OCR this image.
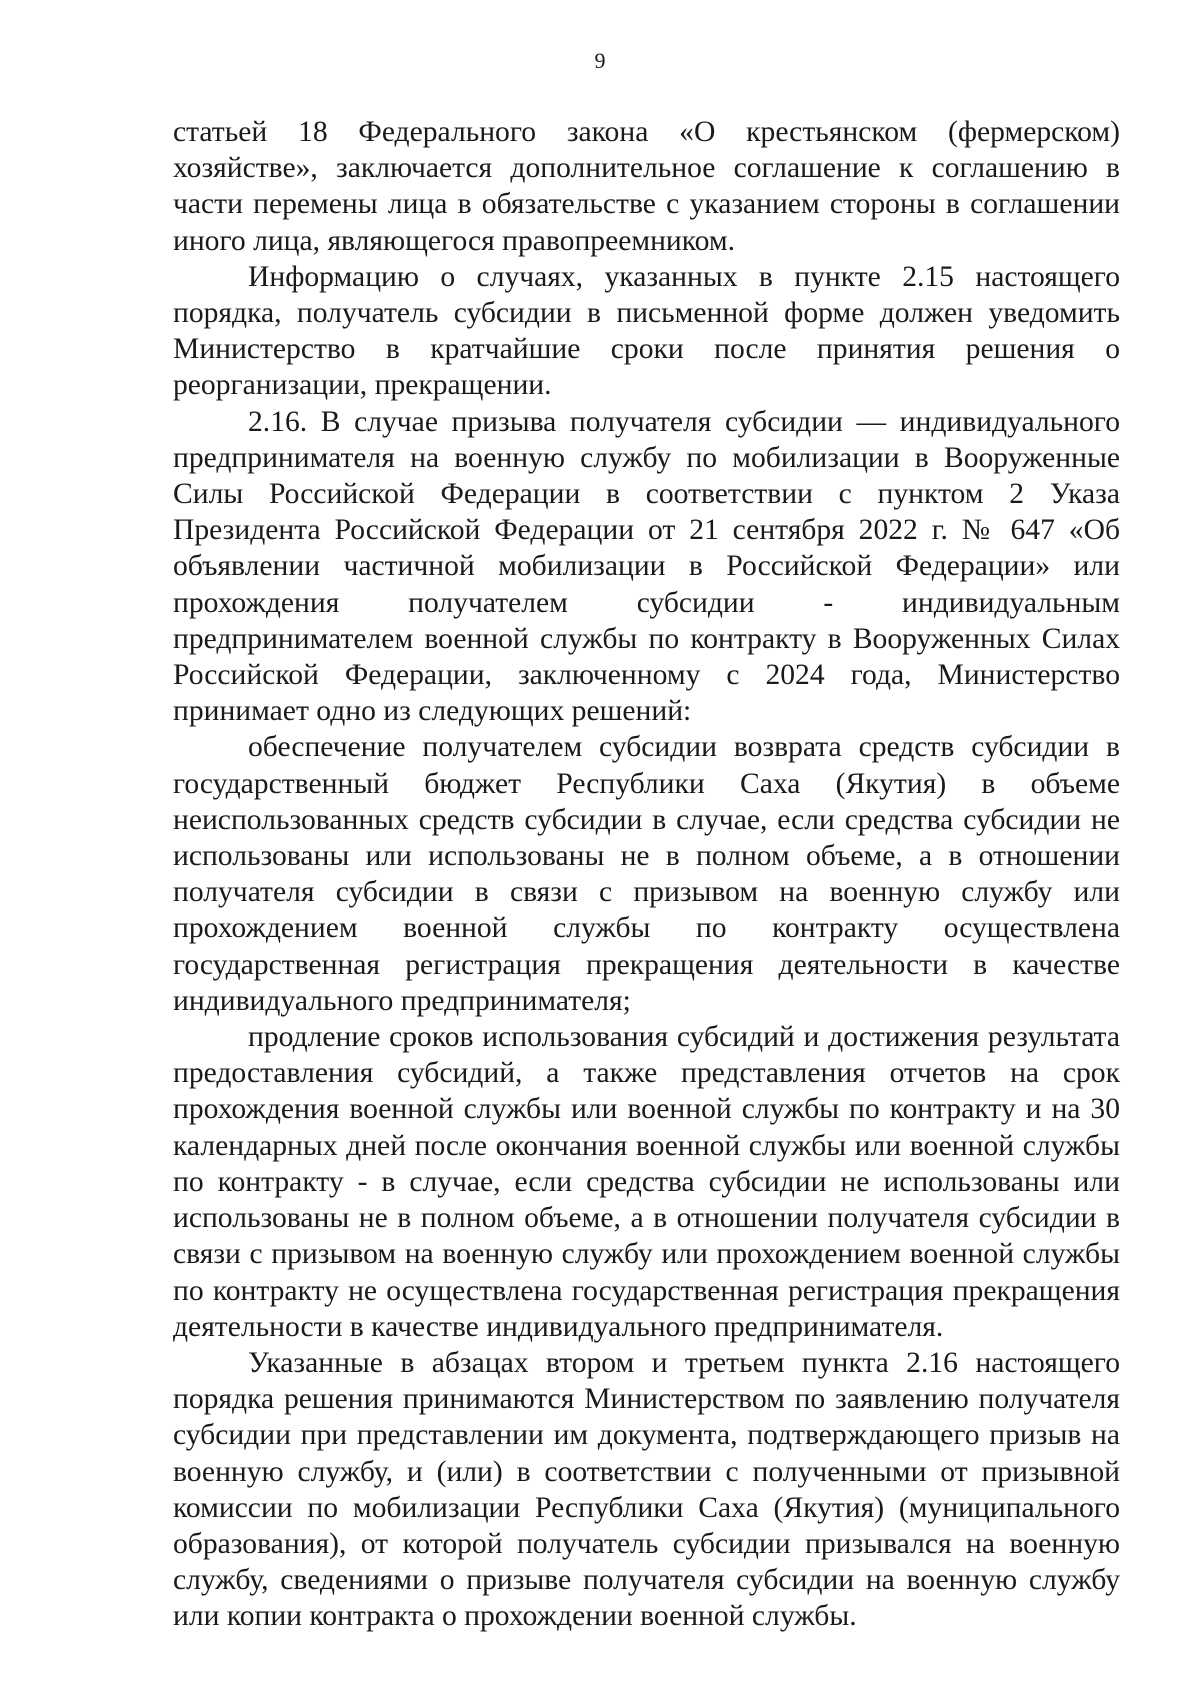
9

статьей 18 Федерального закона «О крестьянском (фермерском) хозяйстве», заключается дополнительное соглашение к соглашению в части перемены лица в обязательстве с указанием стороны в соглашении иного лица, являющегося правопреемником.

Информацию о случаях, указанных в пункте 2.15 настоящего порядка, получатель субсидии в письменной форме должен уведомить Министерство в кратчайшие сроки после принятия решения о реорганизации, прекращении.

2.16. В случае призыва получателя субсидии — индивидуального предпринимателя на военную службу по мобилизации в Вооруженные Силы Российской Федерации в соответствии с пунктом 2 Указа Президента Российской Федерации от 21 сентября 2022 г. № 647 «Об объявлении частичной мобилизации в Российской Федерации» или прохождения получателем субсидии - индивидуальным предпринимателем военной службы по контракту в Вооруженных Силах Российской Федерации, заключенному с 2024 года, Министерство принимает одно из следующих решений:

обеспечение получателем субсидии возврата средств субсидии в государственный бюджет Республики Саха (Якутия) в объеме неиспользованных средств субсидии в случае, если средства субсидии не использованы или использованы не в полном объеме, а в отношении получателя субсидии в связи с призывом на военную службу или прохождением военной службы по контракту осуществлена государственная регистрация прекращения деятельности в качестве индивидуального предпринимателя;

продление сроков использования субсидий и достижения результата предоставления субсидий, а также представления отчетов на срок прохождения военной службы или военной службы по контракту и на 30 календарных дней после окончания военной службы или военной службы по контракту - в случае, если средства субсидии не использованы или использованы не в полном объеме, а в отношении получателя субсидии в связи с призывом на военную службу или прохождением военной службы по контракту не осуществлена государственная регистрация прекращения деятельности в качестве индивидуального предпринимателя.

Указанные в абзацах втором и третьем пункта 2.16 настоящего порядка решения принимаются Министерством по заявлению получателя субсидии при представлении им документа, подтверждающего призыв на военную службу, и (или) в соответствии с полученными от призывной комиссии по мобилизации Республики Саха (Якутия) (муниципального образования), от которой получатель субсидии призывался на военную службу, сведениями о призыве получателя субсидии на военную службу или копии контракта о прохождении военной службы.
